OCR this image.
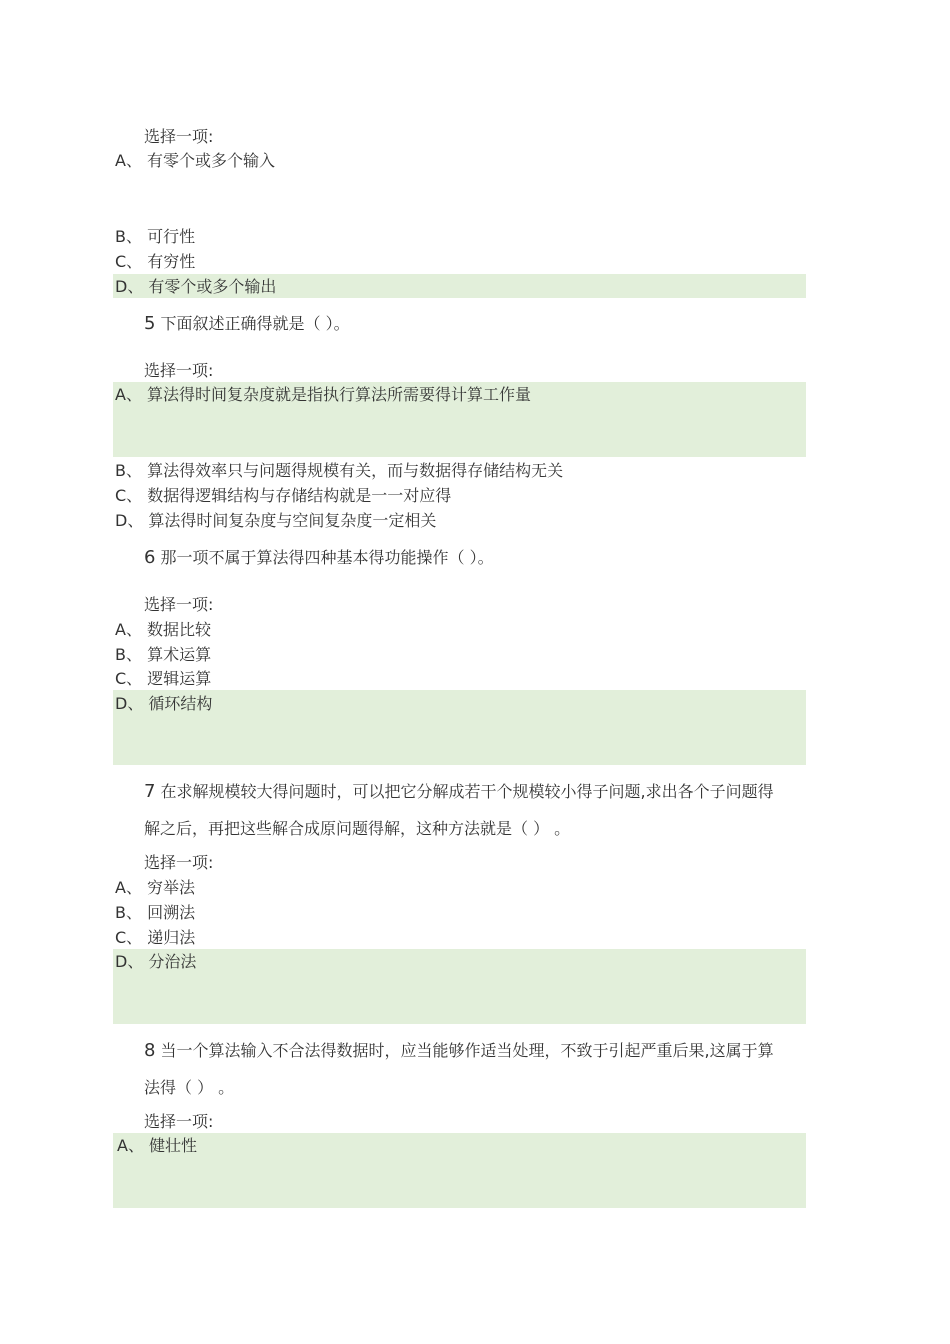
选择一项:
A、 有零个或多个输入
B、 可行性
C、 有穷性
D、 有零个或多个输出
5 下面叙述正确得就是（ ）。
选择一项:
A、 算法得时间复杂度就是指执行算法所需要得计算工作量
B、 算法得效率只与问题得规模有关，而与数据得存储结构无关
C、 数据得逻辑结构与存储结构就是一一对应得
D、 算法得时间复杂度与空间复杂度一定相关
6 那一项不属于算法得四种基本得功能操作（ ）。
选择一项:
A、 数据比较
B、 算术运算
C、 逻辑运算
D、 循环结构
7 在求解规模较大得问题时，可以把它分解成若干个规模较小得子问题,求出各个子问题得
解之后，再把这些解合成原问题得解，这种方法就是（ ） 。
选择一项:
A、 穷举法
B、 回溯法
C、 递归法
D、 分治法
8 当一个算法输入不合法得数据时，应当能够作适当处理，不致于引起严重后果,这属于算
法得（ ） 。
选择一项:
A、 健壮性
